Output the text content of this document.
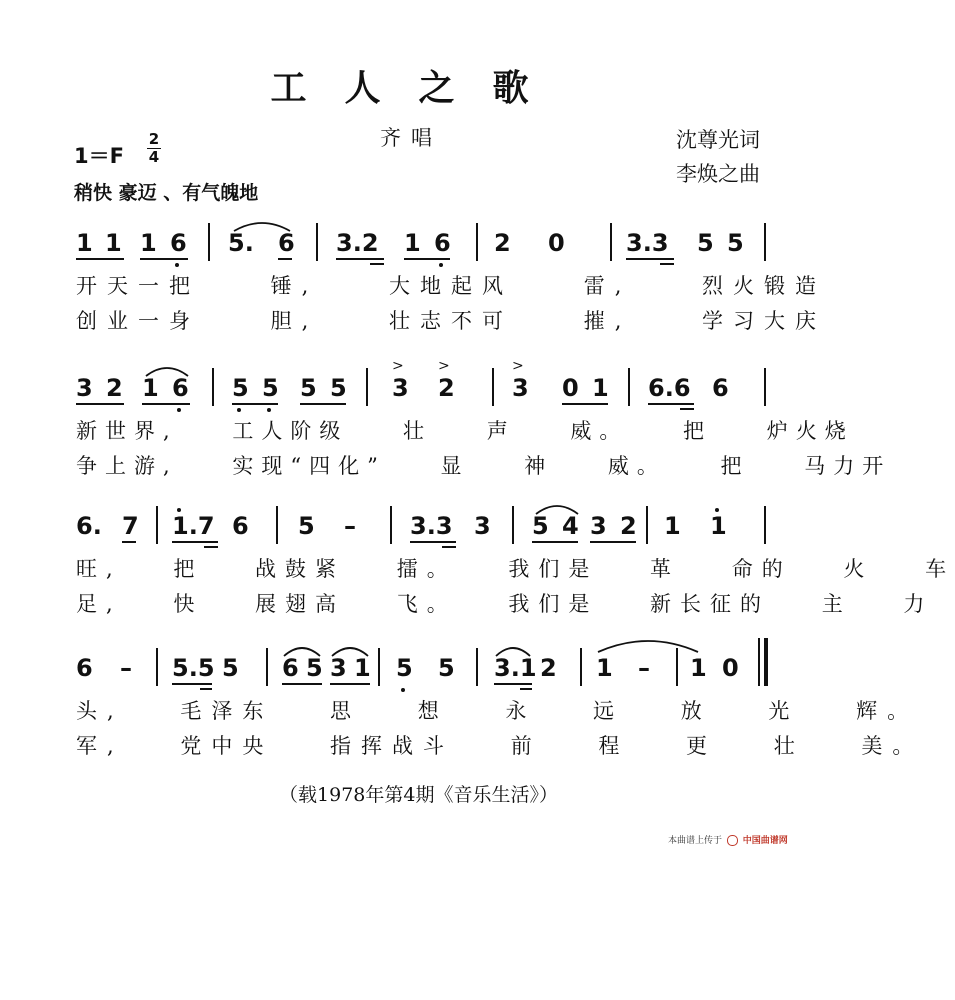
工人之歌
齐唱	沈尊光词
李焕之曲
1＝F
2
4
稍快 豪迈 、有气魄地
1 1 1 6 5. 6 3.2 1 6 2 0	3.3 5 5
开天一把 锤, 大地起风 雷, 烈火锻造
创业一身 胆, 壮志不可 摧, 学习大庆
3 2 1 6 5 5 5 5 3 2
> >
3 0 1
>
6.6 6
新世界, 工人阶级 壮 声 威。 把 炉火烧
争上游, 实现“四化” 显 神 威。 把 马力开
6. 7 1.7 6 5 – 3.3 3 5 4 3 2 1 1
旺, 把 战鼓紧 擂。 我们是 革 命的 火 车
足, 快 展翅高 飞。 我们是 新长征的 主 力
6 – 5.5 5 6 5 3 1 5 5 3.1 2 1 – 1 0
头, 毛泽东 思 想 永 远 放 光 辉。
军, 党中央 指挥战斗 前 程 更 壮 美。
（载1978年第4期《音乐生活》）
本曲谱上传于 中国曲谱网
